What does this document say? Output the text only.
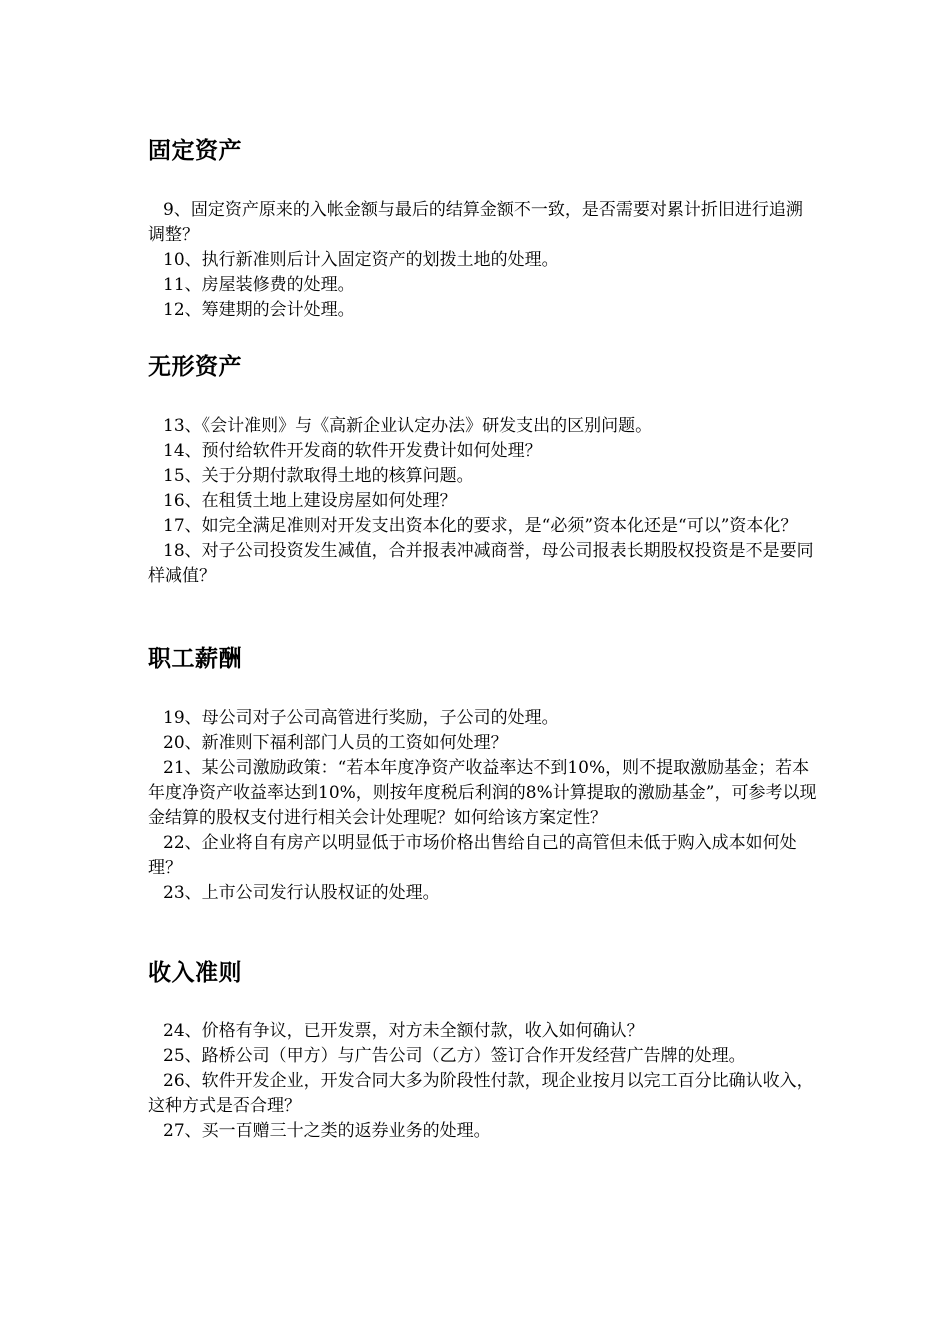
固定资产
9、固定资产原来的入帐金额与最后的结算金额不一致，是否需要对累计折旧进行追溯调整？
10、执行新准则后计入固定资产的划拨土地的处理。
11、房屋装修费的处理。
12、筹建期的会计处理。
无形资产
13、《会计准则》与《高新企业认定办法》研发支出的区别问题。
14、预付给软件开发商的软件开发费计如何处理？
15、关于分期付款取得土地的核算问题。
16、在租赁土地上建设房屋如何处理？
17、如完全满足准则对开发支出资本化的要求，是“必须”资本化还是“可以”资本化？
18、对子公司投资发生减值，合并报表冲减商誉，母公司报表长期股权投资是不是要同样减值？
职工薪酬
19、母公司对子公司高管进行奖励，子公司的处理。
20、新准则下福利部门人员的工资如何处理？
21、某公司激励政策：“若本年度净资产收益率达不到10%，则不提取激励基金；若本年度净资产收益率达到10%，则按年度税后利润的8%计算提取的激励基金”，可参考以现金结算的股权支付进行相关会计处理呢？如何给该方案定性？
22、企业将自有房产以明显低于市场价格出售给自己的高管但未低于购入成本如何处理？
23、上市公司发行认股权证的处理。
收入准则
24、价格有争议，已开发票，对方未全额付款，收入如何确认？
25、路桥公司（甲方）与广告公司（乙方）签订合作开发经营广告牌的处理。
26、软件开发企业，开发合同大多为阶段性付款，现企业按月以完工百分比确认收入，这种方式是否合理？
27、买一百赠三十之类的返券业务的处理。
